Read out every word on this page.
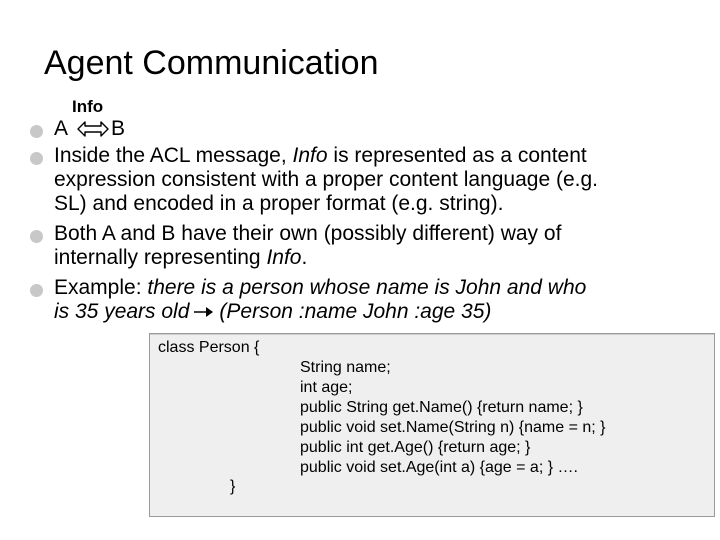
Agent Communication
Info
A B
Inside the ACL message, Info is represented as a content
expression consistent with a proper content language (e.g.
SL) and encoded in a proper format (e.g. string).
Both A and B have their own (possibly different) way of
internally representing Info.
Example: there is a person whose name is John and who
is 35 years old (Person :name John :age 35)
class Person {
String name;
int age;
public String get.Name() {return name; }
public void set.Name(String n) {name = n; }
public int get.Age() {return age; }
public void set.Age(int a) {age = a; } ….
}
